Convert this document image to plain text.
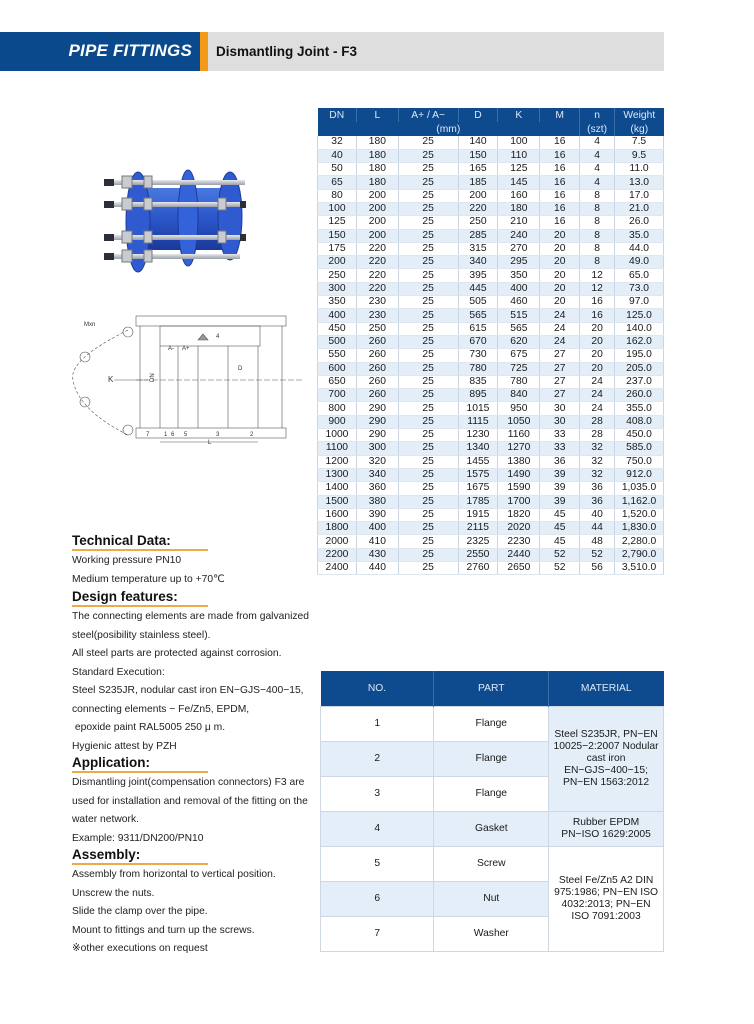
PIPE FITTINGS Dismantling Joint - F3
Mxn
K
4
A- A+
DN
D
L
7 1 6 5	3	2
DN	L	A+ / A−	D	K	M	n	Weight
(mm)						(szt)	(kg)
32	180	25	140	100	16	4	7.5
40	180	25	150	110	16	4	9.5
50	180	25	165	125	16	4	11.0
65	180	25	185	145	16	4	13.0
80	200	25	200	160	16	8	17.0
100	200	25	220	180	16	8	21.0
125	200	25	250	210	16	8	26.0
150	200	25	285	240	20	8	35.0
175	220	25	315	270	20	8	44.0
200	220	25	340	295	20	8	49.0
250	220	25	395	350	20	12	65.0
300	220	25	445	400	20	12	73.0
350	230	25	505	460	20	16	97.0
400	230	25	565	515	24	16	125.0
450	250	25	615	565	24	20	140.0
500	260	25	670	620	24	20	162.0
550	260	25	730	675	27	20	195.0
600	260	25	780	725	27	20	205.0
650	260	25	835	780	27	24	237.0
700	260	25	895	840	27	24	260.0
800	290	25	1015	950	30	24	355.0
900	290	25	1115	1050	30	28	408.0
1000	290	25	1230	1160	33	28	450.0
1100	300	25	1340	1270	33	32	585.0
1200	320	25	1455	1380	36	32	750.0
1300	340	25	1575	1490	39	32	912.0
1400	360	25	1675	1590	39	36	1,035.0
1500	380	25	1785	1700	39	36	1,162.0
1600	390	25	1915	1820	45	40	1,520.0
1800	400	25	2115	2020	45	44	1,830.0
2000	410	25	2325	2230	45	48	2,280.0
2200	430	25	2550	2440	52	52	2,790.0
2400	440	25	2760	2650	52	56	3,510.0
Technical Data:

Working pressure PN10

Medium temperature up to +70℃

Design features:

The connecting elements are made from galvanized

steel(posibility stainless steel).

All steel parts are protected against corrosion.

Standard Execution:

Steel S235JR, nodular cast iron EN−GJS−400−15,

connecting elements − Fe/Zn5, EPDM,

epoxide paint RAL5005 250 μ m.

Hygienic attest by PZH

Application:

Dismantling joint(compensation connectors) F3 are

used for installation and removal of the fitting on the

water network.

Example: 9311/DN200/PN10

Assembly:

Assembly from horizontal to vertical position.

Unscrew the nuts.

Slide the clamp over the pipe.

Mount to fittings and turn up the screws.

※other executions on request

NO.	PART	MATERIAL
1	Flange	Steel S235JR, PN−EN 10025−2:2007 Nodular cast iron EN−GJS−400−15; PN−EN 1563:2012
2	Flange	
3	Flange	
4	Gasket	Rubber EPDM PN−ISO 1629:2005
5	Screw	Steel Fe/Zn5 A2 DIN 975:1986; PN−EN ISO 4032:2013; PN−EN ISO 7091:2003
6	Nut	
7	Washer	
